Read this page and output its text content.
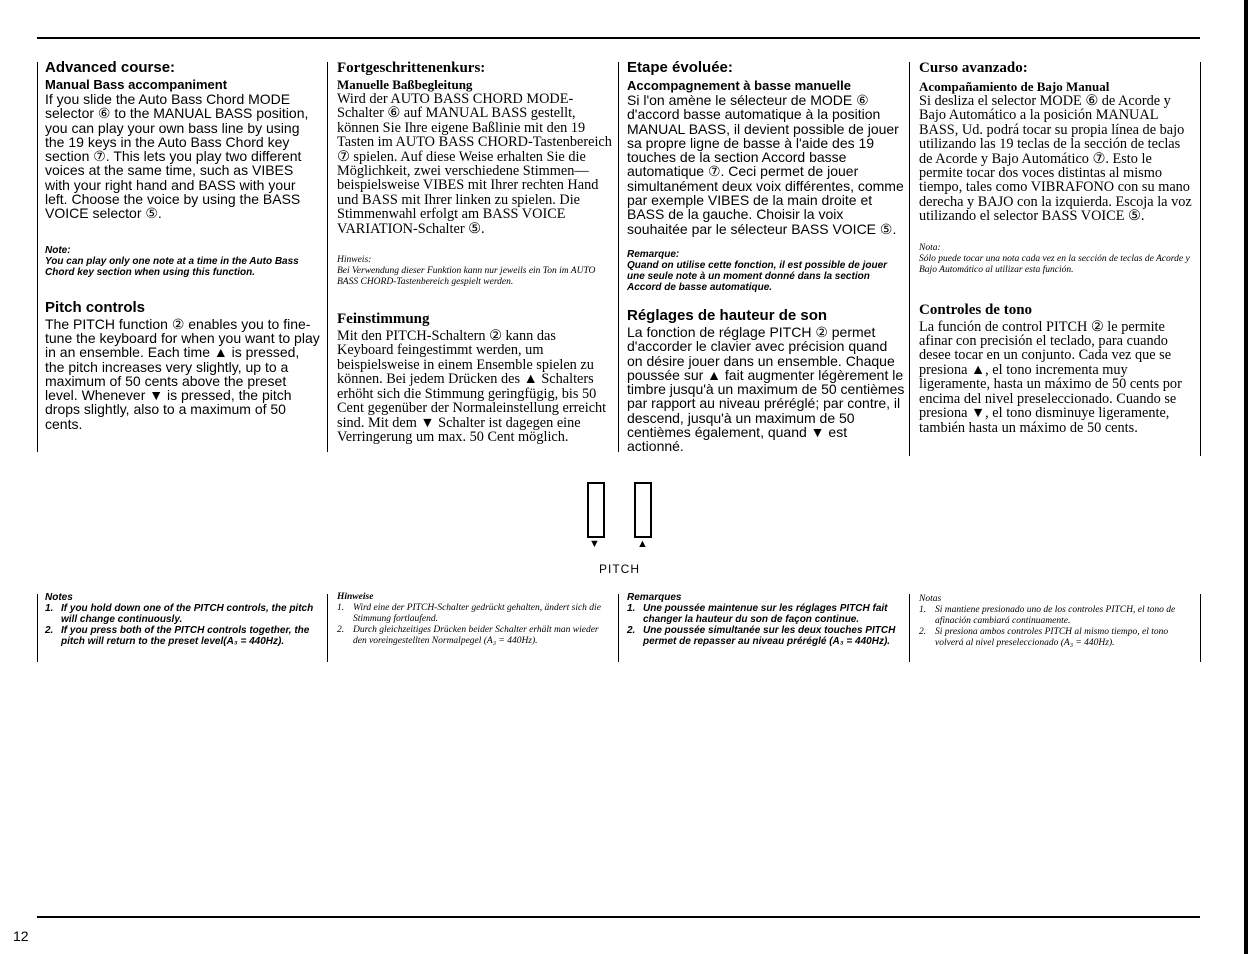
Advanced course:

Manual Bass accompaniment

If you slide the Auto Bass Chord MODE selector ⑥ to the MANUAL BASS position, you can play your own bass line by using the 19 keys in the Auto Bass Chord key section ⑦. This lets you play two different voices at the same time, such as VIBES with your right hand and BASS with your left. Choose the voice by using the BASS VOICE selector ⑤.

Note:

You can play only one note at a time in the Auto Bass Chord key section when using this function.

Pitch controls

The PITCH function ② enables you to fine-tune the keyboard for when you want to play in an ensemble. Each time ▲ is pressed, the pitch increases very slightly, up to a maximum of 50 cents above the preset level. Whenever ▼ is pressed, the pitch drops slightly, also to a maximum of 50 cents.

Fortgeschrittenenkurs:

Manuelle Baßbegleitung

Wird der AUTO BASS CHORD MODE-Schalter ⑥ auf MANUAL BASS gestellt, können Sie Ihre eigene Baßlinie mit den 19 Tasten im AUTO BASS CHORD-Tastenbereich ⑦ spielen. Auf diese Weise erhalten Sie die Möglichkeit, zwei verschiedene Stimmen—beispielsweise VIBES mit Ihrer rechten Hand und BASS mit Ihrer linken zu spielen. Die Stimmenwahl erfolgt am BASS VOICE VARIATION-Schalter ⑤.

Hinweis:

Bei Verwendung dieser Funktion kann nur jeweils ein Ton im AUTO BASS CHORD-Tastenbereich gespielt werden.

Feinstimmung

Mit den PITCH-Schaltern ② kann das Keyboard feingestimmt werden, um beispielsweise in einem Ensemble spielen zu können. Bei jedem Drücken des ▲ Schalters erhöht sich die Stimmung geringfügig, bis 50 Cent gegenüber der Normaleinstellung erreicht sind. Mit dem ▼ Schalter ist dagegen eine Verringerung um max. 50 Cent möglich.

Etape évoluée:

Accompagnement à basse manuelle

Si l'on amène le sélecteur de MODE ⑥ d'accord basse automatique à la position MANUAL BASS, il devient possible de jouer sa propre ligne de basse à l'aide des 19 touches de la section Accord basse automatique ⑦. Ceci permet de jouer simultanément deux voix différentes, comme par exemple VIBES de la main droite et BASS de la gauche. Choisir la voix souhaitée par le sélecteur BASS VOICE ⑤.

Remarque:

Quand on utilise cette fonction, il est possible de jouer une seule note à un moment donné dans la section Accord de basse automatique.

Réglages de hauteur de son

La fonction de réglage PITCH ② permet d'accorder le clavier avec précision quand on désire jouer dans un ensemble. Chaque poussée sur ▲ fait augmenter légèrement le timbre jusqu'à un maximum de 50 centièmes par rapport au niveau préréglé; par contre, il descend, jusqu'à un maximum de 50 centièmes également, quand ▼ est actionné.

Curso avanzado:

Acompañamiento de Bajo Manual

Si desliza el selector MODE ⑥ de Acorde y Bajo Automático a la posición MANUAL BASS, Ud. podrá tocar su propia línea de bajo utilizando las 19 teclas de la sección de teclas de Acorde y Bajo Automático ⑦. Esto le permite tocar dos voces distintas al mismo tiempo, tales como VIBRAFONO con su mano derecha y BAJO con la izquierda. Escoja la voz utilizando el selector BASS VOICE ⑤.

Nota:

Sólo puede tocar una nota cada vez en la sección de teclas de Acorde y Bajo Automático al utilizar esta función.

Controles de tono

La función de control PITCH ② le permite afinar con precisión el teclado, para cuando desee tocar en un conjunto. Cada vez que se presiona ▲, el tono incrementa muy ligeramente, hasta un máximo de 50 cents por encima del nivel preseleccionado. Cuando se presiona ▼, el tono disminuye ligeramente, también hasta un máximo de 50 cents.

▼	▲
PITCH

Notes

1. If you hold down one of the PITCH controls, the pitch will change continuously.
2. If you press both of the PITCH controls together, the pitch will return to the preset level(A₃ = 440Hz).

Hinweise

1. Wird eine der PITCH-Schalter gedrückt gehalten, ändert sich die Stimmung fortlaufend.
2. Durch gleichzeitiges Drücken beider Schalter erhält man wieder den voreingestellten Normalpegel (A₃ = 440Hz).

Remarques

1. Une poussée maintenue sur les réglages PITCH fait changer la hauteur du son de façon continue.
2. Une poussée simultanée sur les deux touches PITCH permet de repasser au niveau préréglé (A₃ = 440Hz).

Notas

1. Si mantiene presionado uno de los controles PITCH, el tono de afinación cambiará continuamente.
2. Si presiona ambos controles PITCH al mismo tiempo, el tono volverá al nivel preseleccionado (A₃ = 440Hz).
12
